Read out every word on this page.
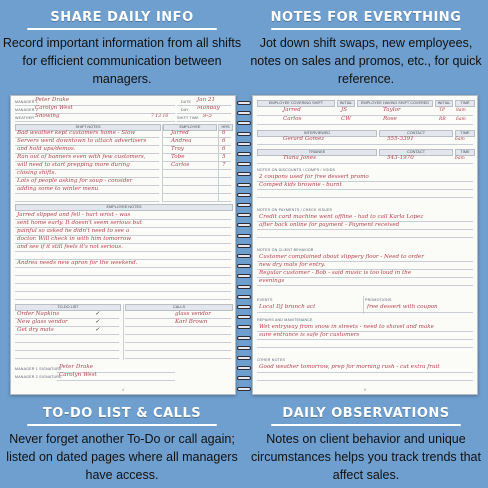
SHARE DAILY INFO

Record important information from all shifts for efficient communication between managers.

NOTES FOR EVERYTHING

Jot down shift swaps, new employees, notes on sales and promos, etc., for quick reference.

MANAGER 1
Peter Drake
MANAGER 2
Carolyn West
WEATHER Snowing	7 13 16
DATE Jan 21
DAY Monday
SHIFT TIME 9-5
SHIFT NOTES	EMPLOYEE	HRS
Bad weather kept customers home - Slow
Servers went downtown to attach advertisers
and hold ups/demos.
Ran out of banners even with few customers,
will need to start prepping more during
closing shifts.
Lots of people asking for soup - consider
adding some to winter menu
Jarred	6
Andrea	6
Troy	6
Tobe	5
Carlos	7
EMPLOYEE NOTES
Jarred slipped and fell - hurt wrist - was
sent home early. It doesn't seem serious but
painful so asked he didn't need to see a
doctor. Will check in with him tomorrow
and see if it still feels it's not serious.
Andrea needs new apron for the weekend.
TO-DO LIST	CALLS
Order Napkins	✓
New glass vendor	✓
Get dry mats	✓
glass vendor
Karl Brown
MANAGER 1 SIGNATURE
Peter Drake
MANAGER 2 SIGNATURE
Carolyn West
4
EMPLOYEE COVERING SHIFT	INITIAL	EMPLOYEE HAVING SHIFT COVERED	INITIAL	TIME
Jarred	JS	Taylor	TP 8am
Carlos	CW	Rose	RR 6am
INTERVIEWED	CONTACT	TIME
Gerard Gomez	555-3391	6am
TRAINEE	CONTACT	TIME
Tiana Jones	543-1970	6am
NOTES ON DISCOUNTS / COMPS / VOIDS
2 coupons used for free dessert promo
Comped kids brownie - burnt
NOTES ON PAYMENTS / CHECK ISSUES
Credit card machine went offline - had to call Karla Lopez
after back online for payment - Payment received
NOTES ON CLIENT BEHAVIOR
Customer complained about slippery floor - Need to order
new dry mats for entry.
Regular customer - Bob - said music is too loud in the
evenings
EVENTS	PROMOTIONS
Local DJ brunch act	free dessert with coupon
REPAIRS AND MAINTENANCE
Wet entryway from snow in streets - need to shovel and make
sure entrance is safe for customers
OTHER NOTES
Good weather tomorrow, prep for morning rush - cut extra fruit
5
TO-DO LIST & CALLS

Never forget another To-Do or call again; listed on dated pages where all managers have access.

DAILY OBSERVATIONS

Notes on client behavior and unique circumstances helps you track trends that affect sales.
